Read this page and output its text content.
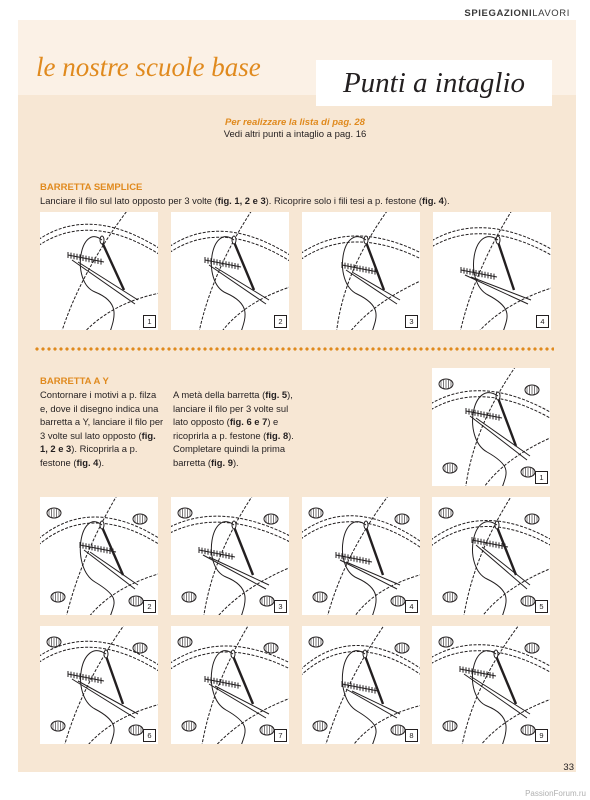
SPIEGAZIONILAVORI
le nostre scuole base	Punti a intaglio
Per realizzare la lista di pag. 28
Vedi altri punti a intaglio a pag. 16
BARRETTA SEMPLICE
Lanciare il filo sul lato opposto per 3 volte (fig. 1, 2 e 3). Ricoprire solo i fili tesi a p. festone (fig. 4).
BARRETTA A Y
Contornare i motivi a p. filza e, dove il disegno indica una barretta a Y, lanciare il filo per 3 volte sul lato opposto (fig. 1, 2 e 3). Ricoprirla a p. festone (fig. 4).
A metà della barretta (fig. 5), lanciare il filo per 3 volte sul lato opposto (fig. 6 e 7) e ricoprirla a p. festone (fig. 8). Completare quindi la prima barretta (fig. 9).
1	2	3	4
1
2	3	4	5
6	7	8	9
33
PassionForum.ru
